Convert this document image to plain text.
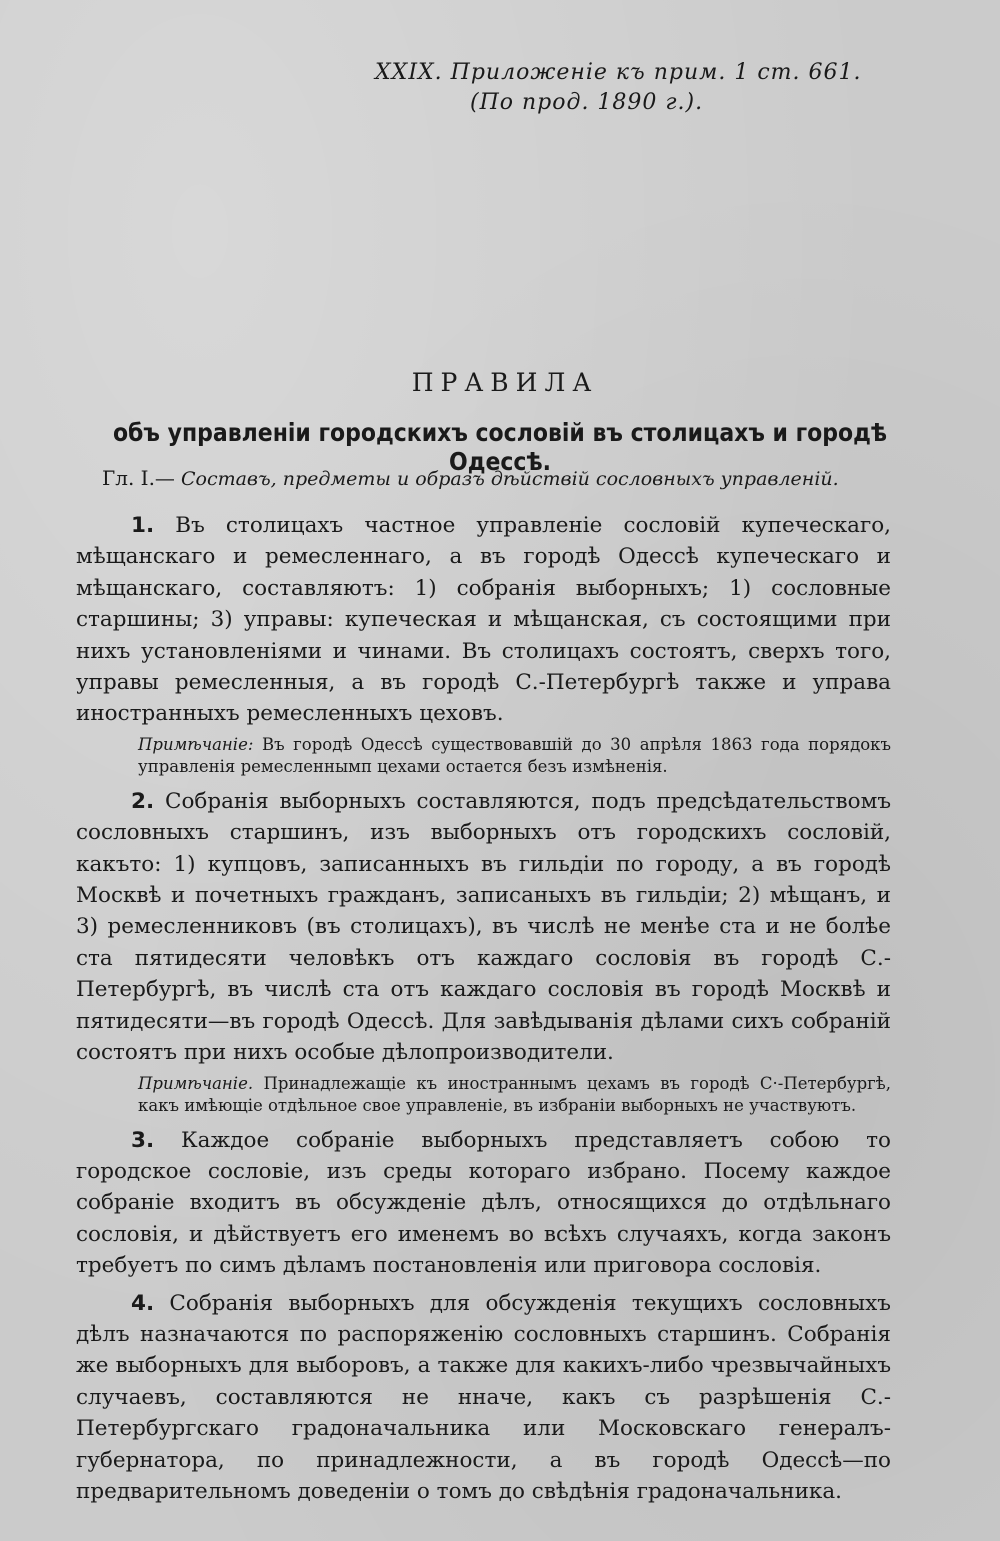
XXIX. Приложенiе къ прим. 1 ст. 661.
(По прод. 1890 г.).
ПРАВИЛА
объ управленiи городскихъ сословiй въ столицахъ и городѣ Одессѣ.
Гл. I.— Составъ, предметы и образъ дѣйствiй сословныхъ управленiй.

1. Въ столицахъ частное управленiе сословiй купеческаго, мѣщанскаго и ремесленнаго, а въ городѣ Одессѣ купеческаго и мѣщанскаго, составляютъ: 1) собранiя выборныхъ; 1) сословные старшины; 3) управы: купеческая и мѣщанская, съ состоящими при нихъ установленiями и чинами. Въ столицахъ состоятъ, сверхъ того, управы ремесленныя, а въ городѣ С.-Петербургѣ также и управа иностранныхъ ремесленныхъ цеховъ.

Примѣчанiе: Въ городѣ Одессѣ существовавшiй до 30 апрѣля 1863 года порядокъ управленiя ремесленнымп цехами остается безъ измѣненiя.

2. Собранiя выборныхъ составляются, подъ предсѣдательствомъ сословныхъ старшинъ, изъ выборныхъ отъ городскихъ сословiй, какъто: 1) купцовъ, записанныхъ въ гильдiи по городу, а въ городѣ Москвѣ и почетныхъ гражданъ, записаныхъ въ гильдiи; 2) мѣщанъ, и 3) ремесленниковъ (въ столицахъ), въ числѣ не менѣе ста и не болѣе ста пятидесяти человѣкъ отъ каждаго сословiя въ городѣ С.-Петербургѣ, въ числѣ ста отъ каждаго сословiя въ городѣ Москвѣ и пятидесяти—въ городѣ Одессѣ. Для завѣдыванiя дѣлами сихъ собранiй состоятъ при нихъ особые дѣлопроизводители.

Примѣчанiе. Принадлежащiе къ иностраннымъ цехамъ въ городѣ С·-Петербургѣ, какъ имѣющiе отдѣльное свое управленiе, въ избранiи выборныхъ не участвуютъ.

3. Каждое собранiе выборныхъ представляетъ собою то городское сословiе, изъ среды котораго избрано. Посему каждое собранiе входитъ въ обсужденiе дѣлъ, относящихся до отдѣльнаго сословiя, и дѣйствуетъ его именемъ во всѣхъ случаяхъ, когда законъ требуетъ по симъ дѣламъ постановленiя или приговора сословiя.

4. Собранiя выборныхъ для обсужденiя текущихъ сословныхъ дѣлъ назначаются по распоряженiю сословныхъ старшинъ. Собранiя же выборныхъ для выборовъ, а также для какихъ-либо чрезвычайныхъ случаевъ, составляются не нначе, какъ съ разрѣшенiя С.-Петербургскаго градоначальника или Московскаго генералъ-губернатора, по принадлежности, а въ городѣ Одессѣ—по предварительномъ доведенiи о томъ до свѣдѣнiя градоначальника.
